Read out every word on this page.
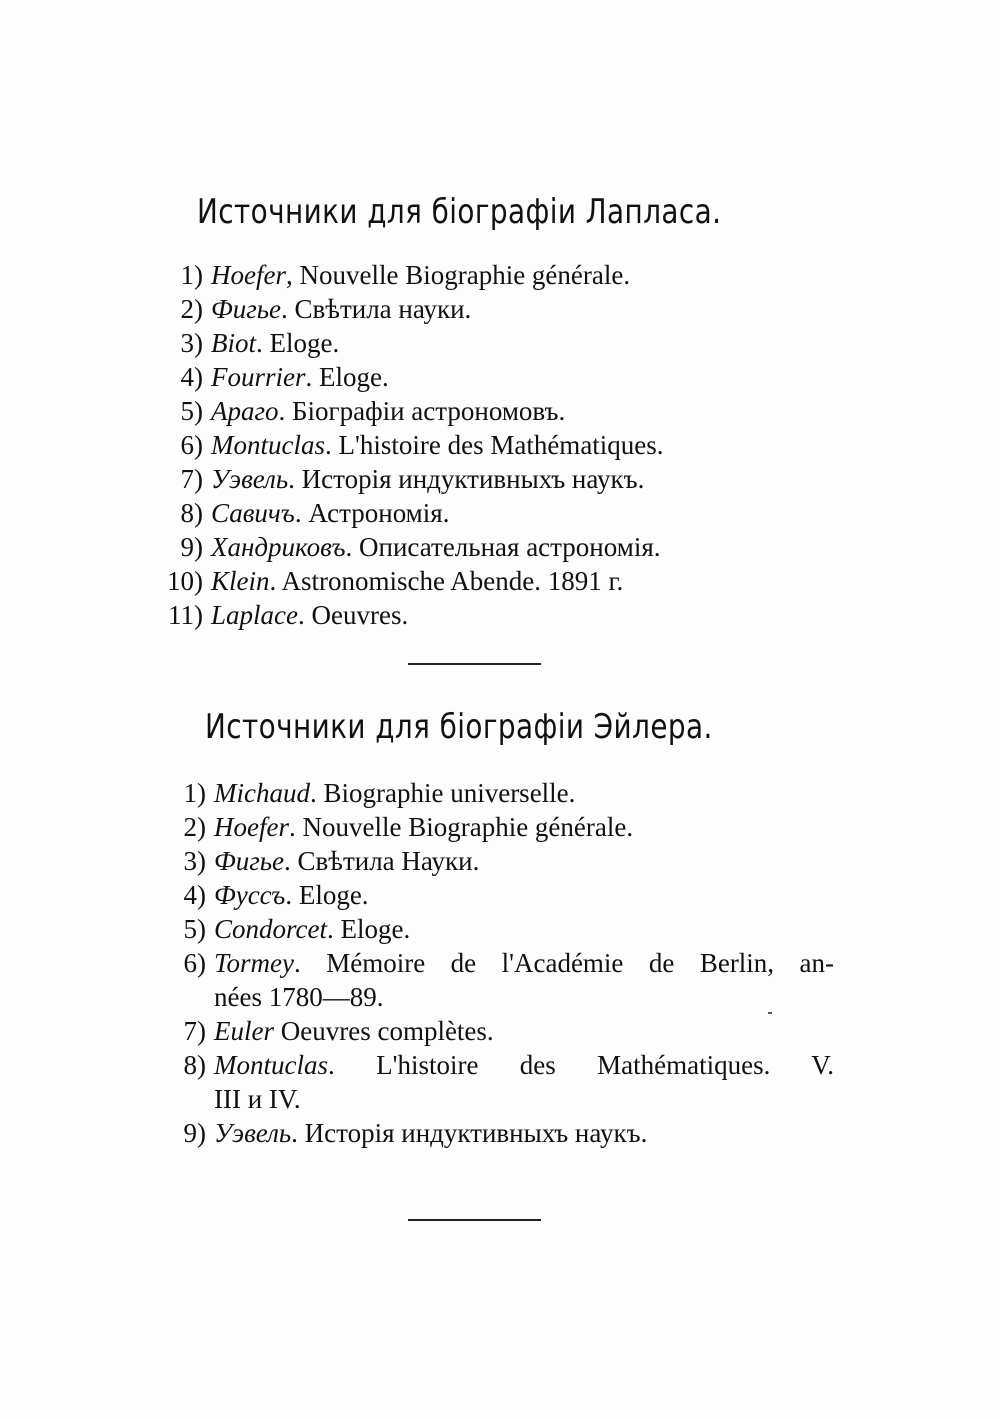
Источники для біографіи Лапласа.
1) Hoefer, Nouvelle Biographie générale.
2) Фигье. Свѣтила науки.
3) Biot. Eloge.
4) Fourrier. Eloge.
5) Араго. Біографіи астрономовъ.
6) Montuclas. L'histoire des Mathématiques.
7) Уэвель. Исторія индуктивныхъ наукъ.
8) Савичъ. Астрономія.
9) Хандриковъ. Описательная астрономія.
10) Klein. Astronomische Abende. 1891 г.
11) Laplace. Oeuvres.
Источники для біографіи Эйлера.
1) Michaud. Biographie universelle.
2) Hoefer. Nouvelle Biographie générale.
3) Фигье. Свѣтила Науки.
4) Фуссъ. Eloge.
5) Condorcet. Eloge.
6) Tormey. Mémoire de l'Académie de Berlin, an-
nées 1780—89.
7) Euler Oeuvres complètes.
8) Montuclas. L'histoire des Mathématiques. V.
III и IV.
9) Уэвель. Исторія индуктивныхъ наукъ.
